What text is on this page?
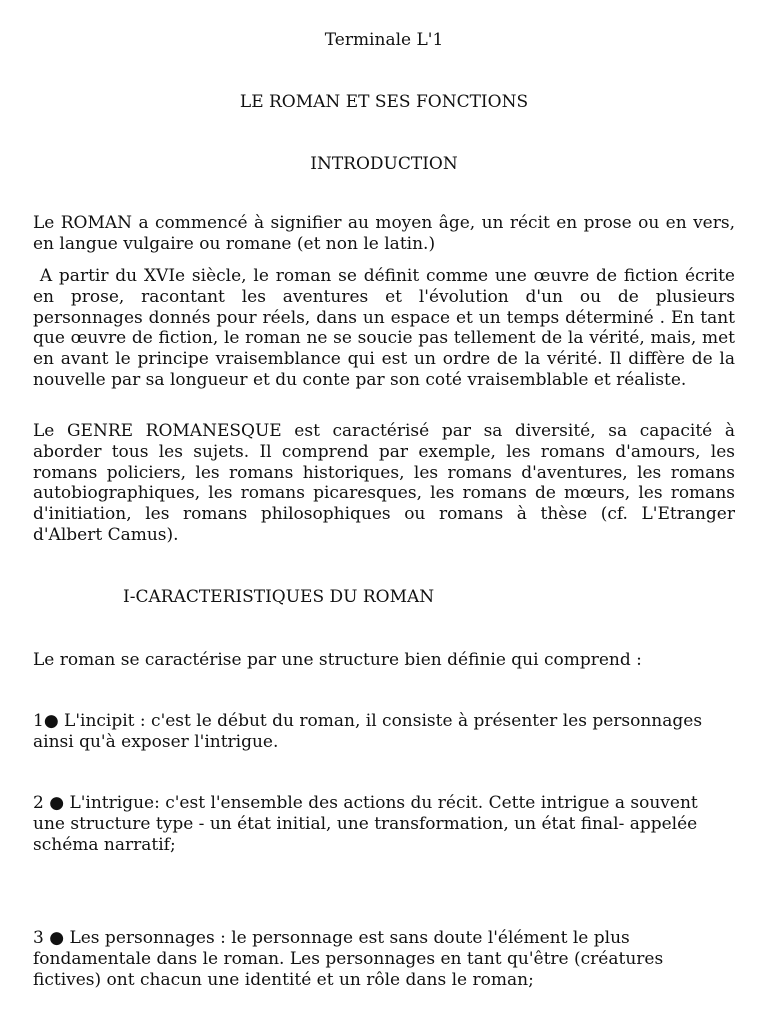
Terminale L'1
LE ROMAN ET SES FONCTIONS
INTRODUCTION
Le ROMAN a commencé à signifier au moyen âge, un récit en prose ou en vers, en langue vulgaire ou romane (et non le latin.)
A partir du XVIe siècle, le roman se définit comme une œuvre de fiction écrite en prose, racontant les aventures et l'évolution d'un ou de plusieurs personnages donnés pour réels, dans un espace et un temps déterminé . En tant que œuvre de fiction, le roman ne se soucie pas tellement de la vérité, mais, met en avant le principe vraisemblance qui est un ordre de la vérité. Il diffère de la nouvelle par sa longueur et du conte par son coté vraisemblable et réaliste.
Le GENRE ROMANESQUE est caractérisé par sa diversité, sa capacité à aborder tous les sujets. Il comprend par exemple, les romans d'amours, les romans policiers, les romans historiques, les romans d'aventures, les romans autobiographiques, les romans picaresques, les romans de mœurs, les romans d'initiation, les romans philosophiques ou romans à thèse (cf. L'Etranger d'Albert Camus).
I-CARACTERISTIQUES DU ROMAN
Le roman se caractérise par une structure bien définie qui comprend :
1● L'incipit : c'est le début du roman, il consiste à présenter les personnages ainsi qu'à exposer l'intrigue.
2 ● L'intrigue: c'est l'ensemble des actions du récit. Cette intrigue a souvent une structure type - un état initial, une transformation, un état final- appelée schéma narratif;
3 ● Les personnages : le personnage est sans doute l'élément le plus fondamentale dans le roman. Les personnages en tant qu'être (créatures fictives) ont chacun une identité et un rôle dans le roman;
